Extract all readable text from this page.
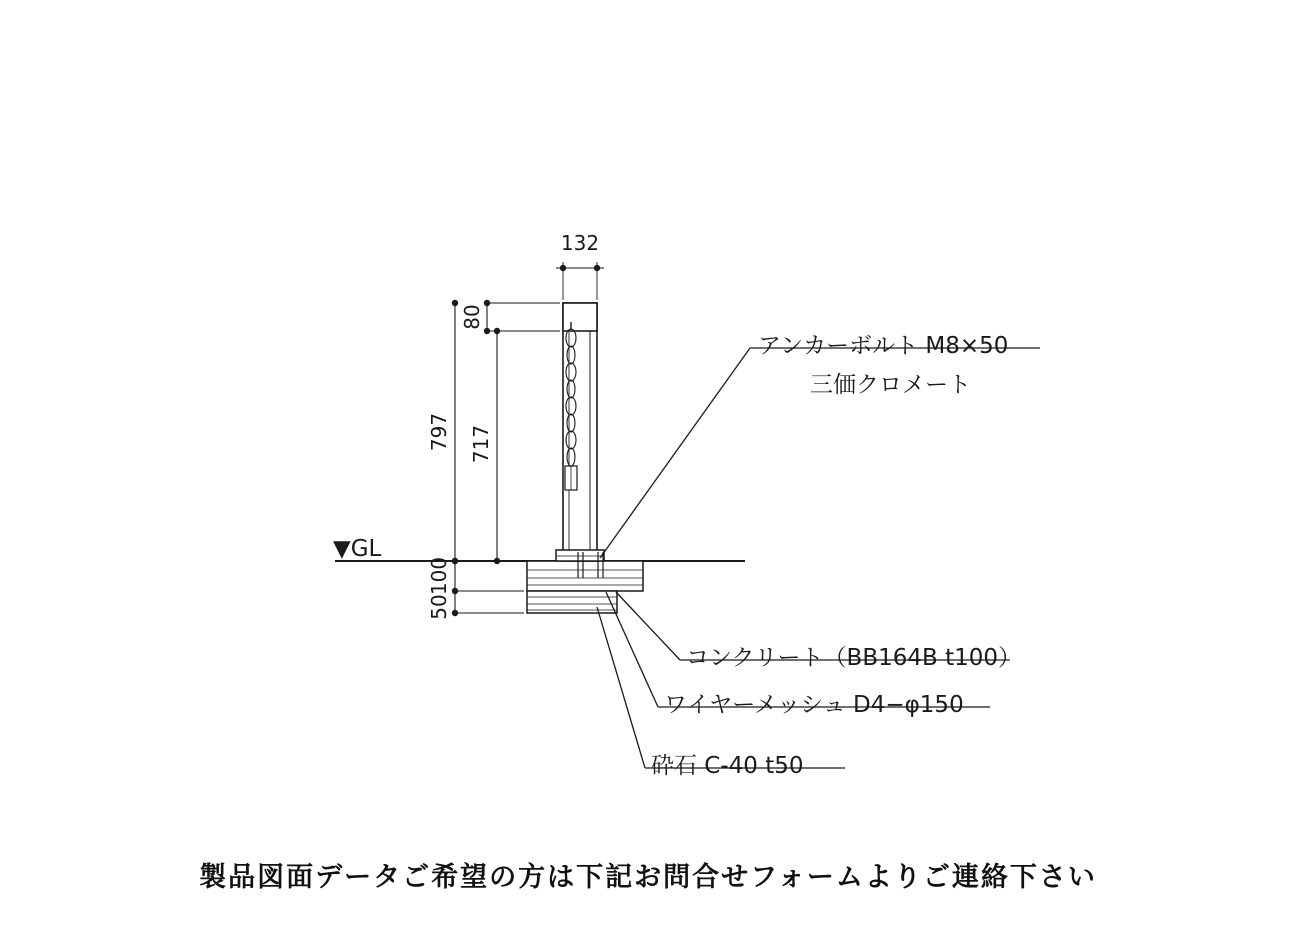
132
80
717
797
100
50
▼GL
アンカーボルト M8×50
三価クロメート
コンクリート（BB164B t100）
ワイヤーメッシュ D4−φ150
砕石 C-40 t50
製品図面データご希望の方は下記お問合せフォームよりご連絡下さい
